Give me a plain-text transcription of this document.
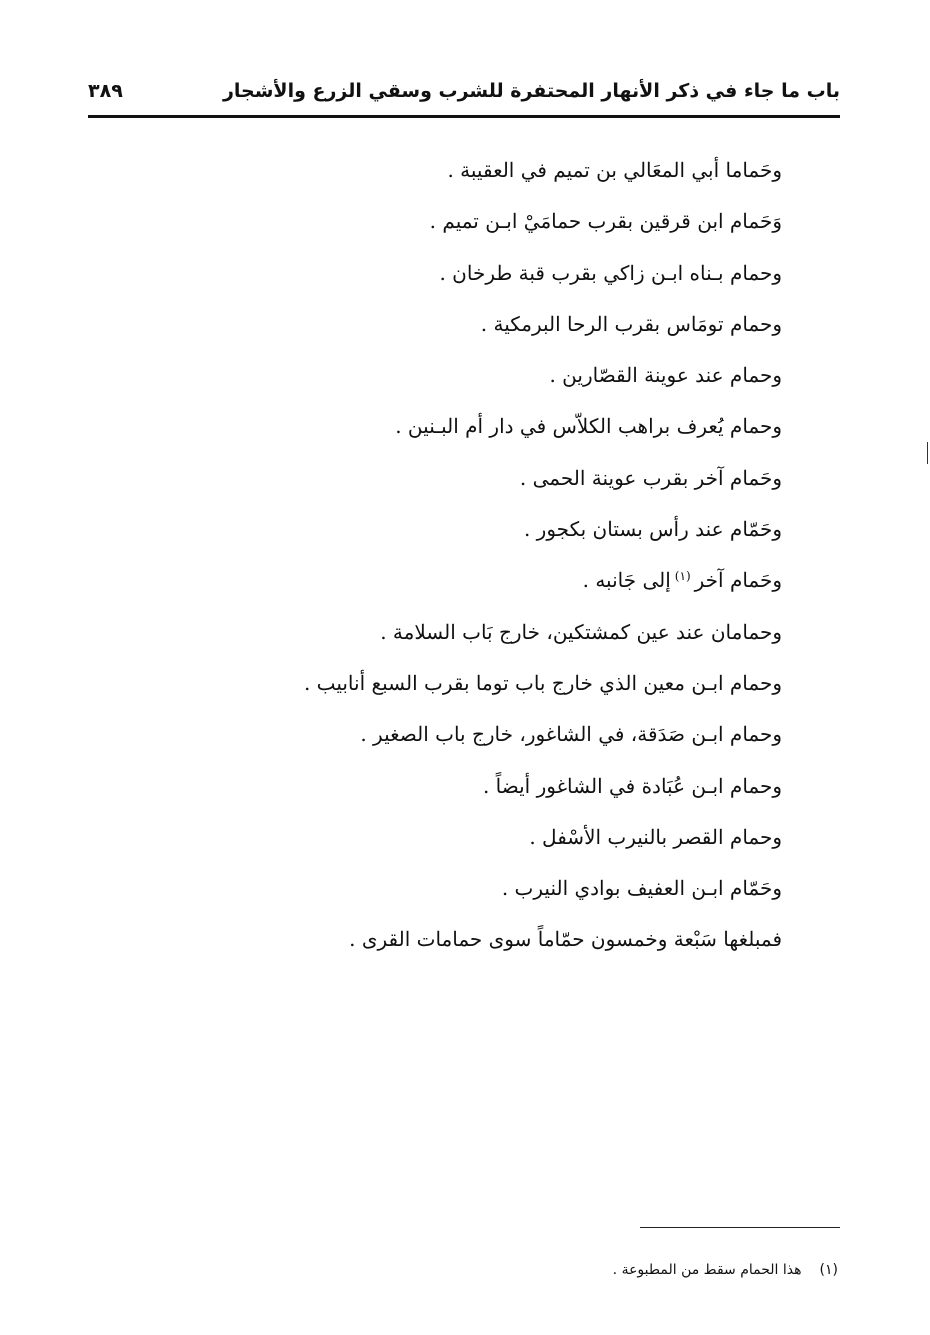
باب ما جاء في ذكر الأنهار المحتفرة للشرب وسقي الزرع والأشجار
٣٨٩
وحَماما أبي المعَالي بن تميم في العقيبة .
وَحَمام ابن قرقين بقرب حمامَيْ ابـن تميم .
وحمام بـناه ابـن زاكي بقرب قبة طرخان .
وحمام تومَاس بقرب الرحا البرمكية .
وحمام عند عوينة القصّارين .
وحمام يُعرف براهب الكلاّس في دار أم البـنين .
وحَمام آخر بقرب عوينة الحمى .
وحَمّام عند رأس بستان بكجور .
وحَمام آخر$^{(١)}$إلى جَانبه .
وحمامان عند عين كمشتكين، خارج بَاب السلامة .
وحمام ابـن معين الذي خارج باب توما بقرب السبع أنابيب .
وحمام ابـن صَدَقة، في الشاغور، خارج باب الصغير .
وحمام ابـن عُبَادة في الشاغور أيضاً .
وحمام القصر بالنيرب الأسْفل .
وحَمّام ابـن العفيف بوادي النيرب .
فمبلغها سَبْعة وخمسون حمّاماً سوى حمامات القرى .
(١)هذا الحمام سقط من المطبوعة .
